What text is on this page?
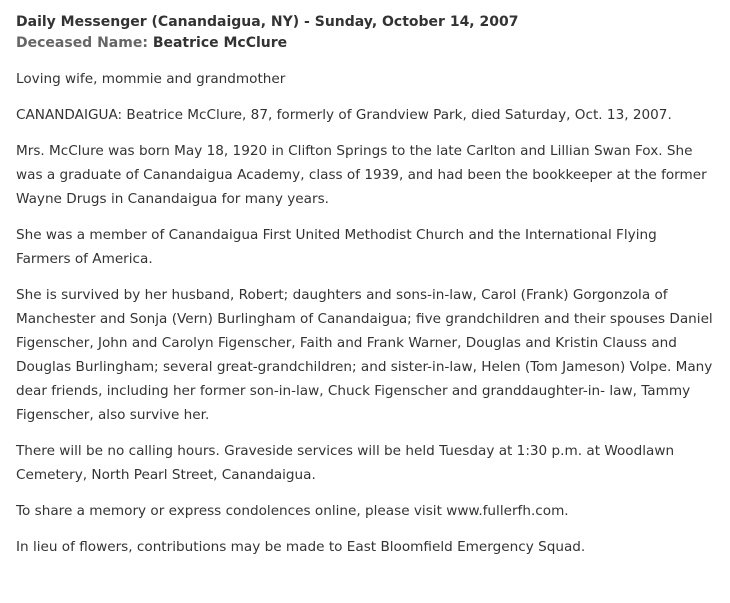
Daily Messenger (Canandaigua, NY) - Sunday, October 14, 2007
Deceased Name: Beatrice McClure

Loving wife, mommie and grandmother

CANANDAIGUA: Beatrice McClure, 87, formerly of Grandview Park, died Saturday, Oct. 13, 2007.

Mrs. McClure was born May 18, 1920 in Clifton Springs to the late Carlton and Lillian Swan Fox. She was a graduate of Canandaigua Academy, class of 1939, and had been the bookkeeper at the former Wayne Drugs in Canandaigua for many years.

She was a member of Canandaigua First United Methodist Church and the International Flying Farmers of America.

She is survived by her husband, Robert; daughters and sons-in-law, Carol (Frank) Gorgonzola of Manchester and Sonja (Vern) Burlingham of Canandaigua; five grandchildren and their spouses Daniel Figenscher, John and Carolyn Figenscher, Faith and Frank Warner, Douglas and Kristin Clauss and Douglas Burlingham; several great-grandchildren; and sister-in-law, Helen (Tom Jameson) Volpe. Many dear friends, including her former son-in-law, Chuck Figenscher and granddaughter-in- law, Tammy Figenscher, also survive her.

There will be no calling hours. Graveside services will be held Tuesday at 1:30 p.m. at Woodlawn Cemetery, North Pearl Street, Canandaigua.

To share a memory or express condolences online, please visit www.fullerfh.com.

In lieu of flowers, contributions may be made to East Bloomfield Emergency Squad.
